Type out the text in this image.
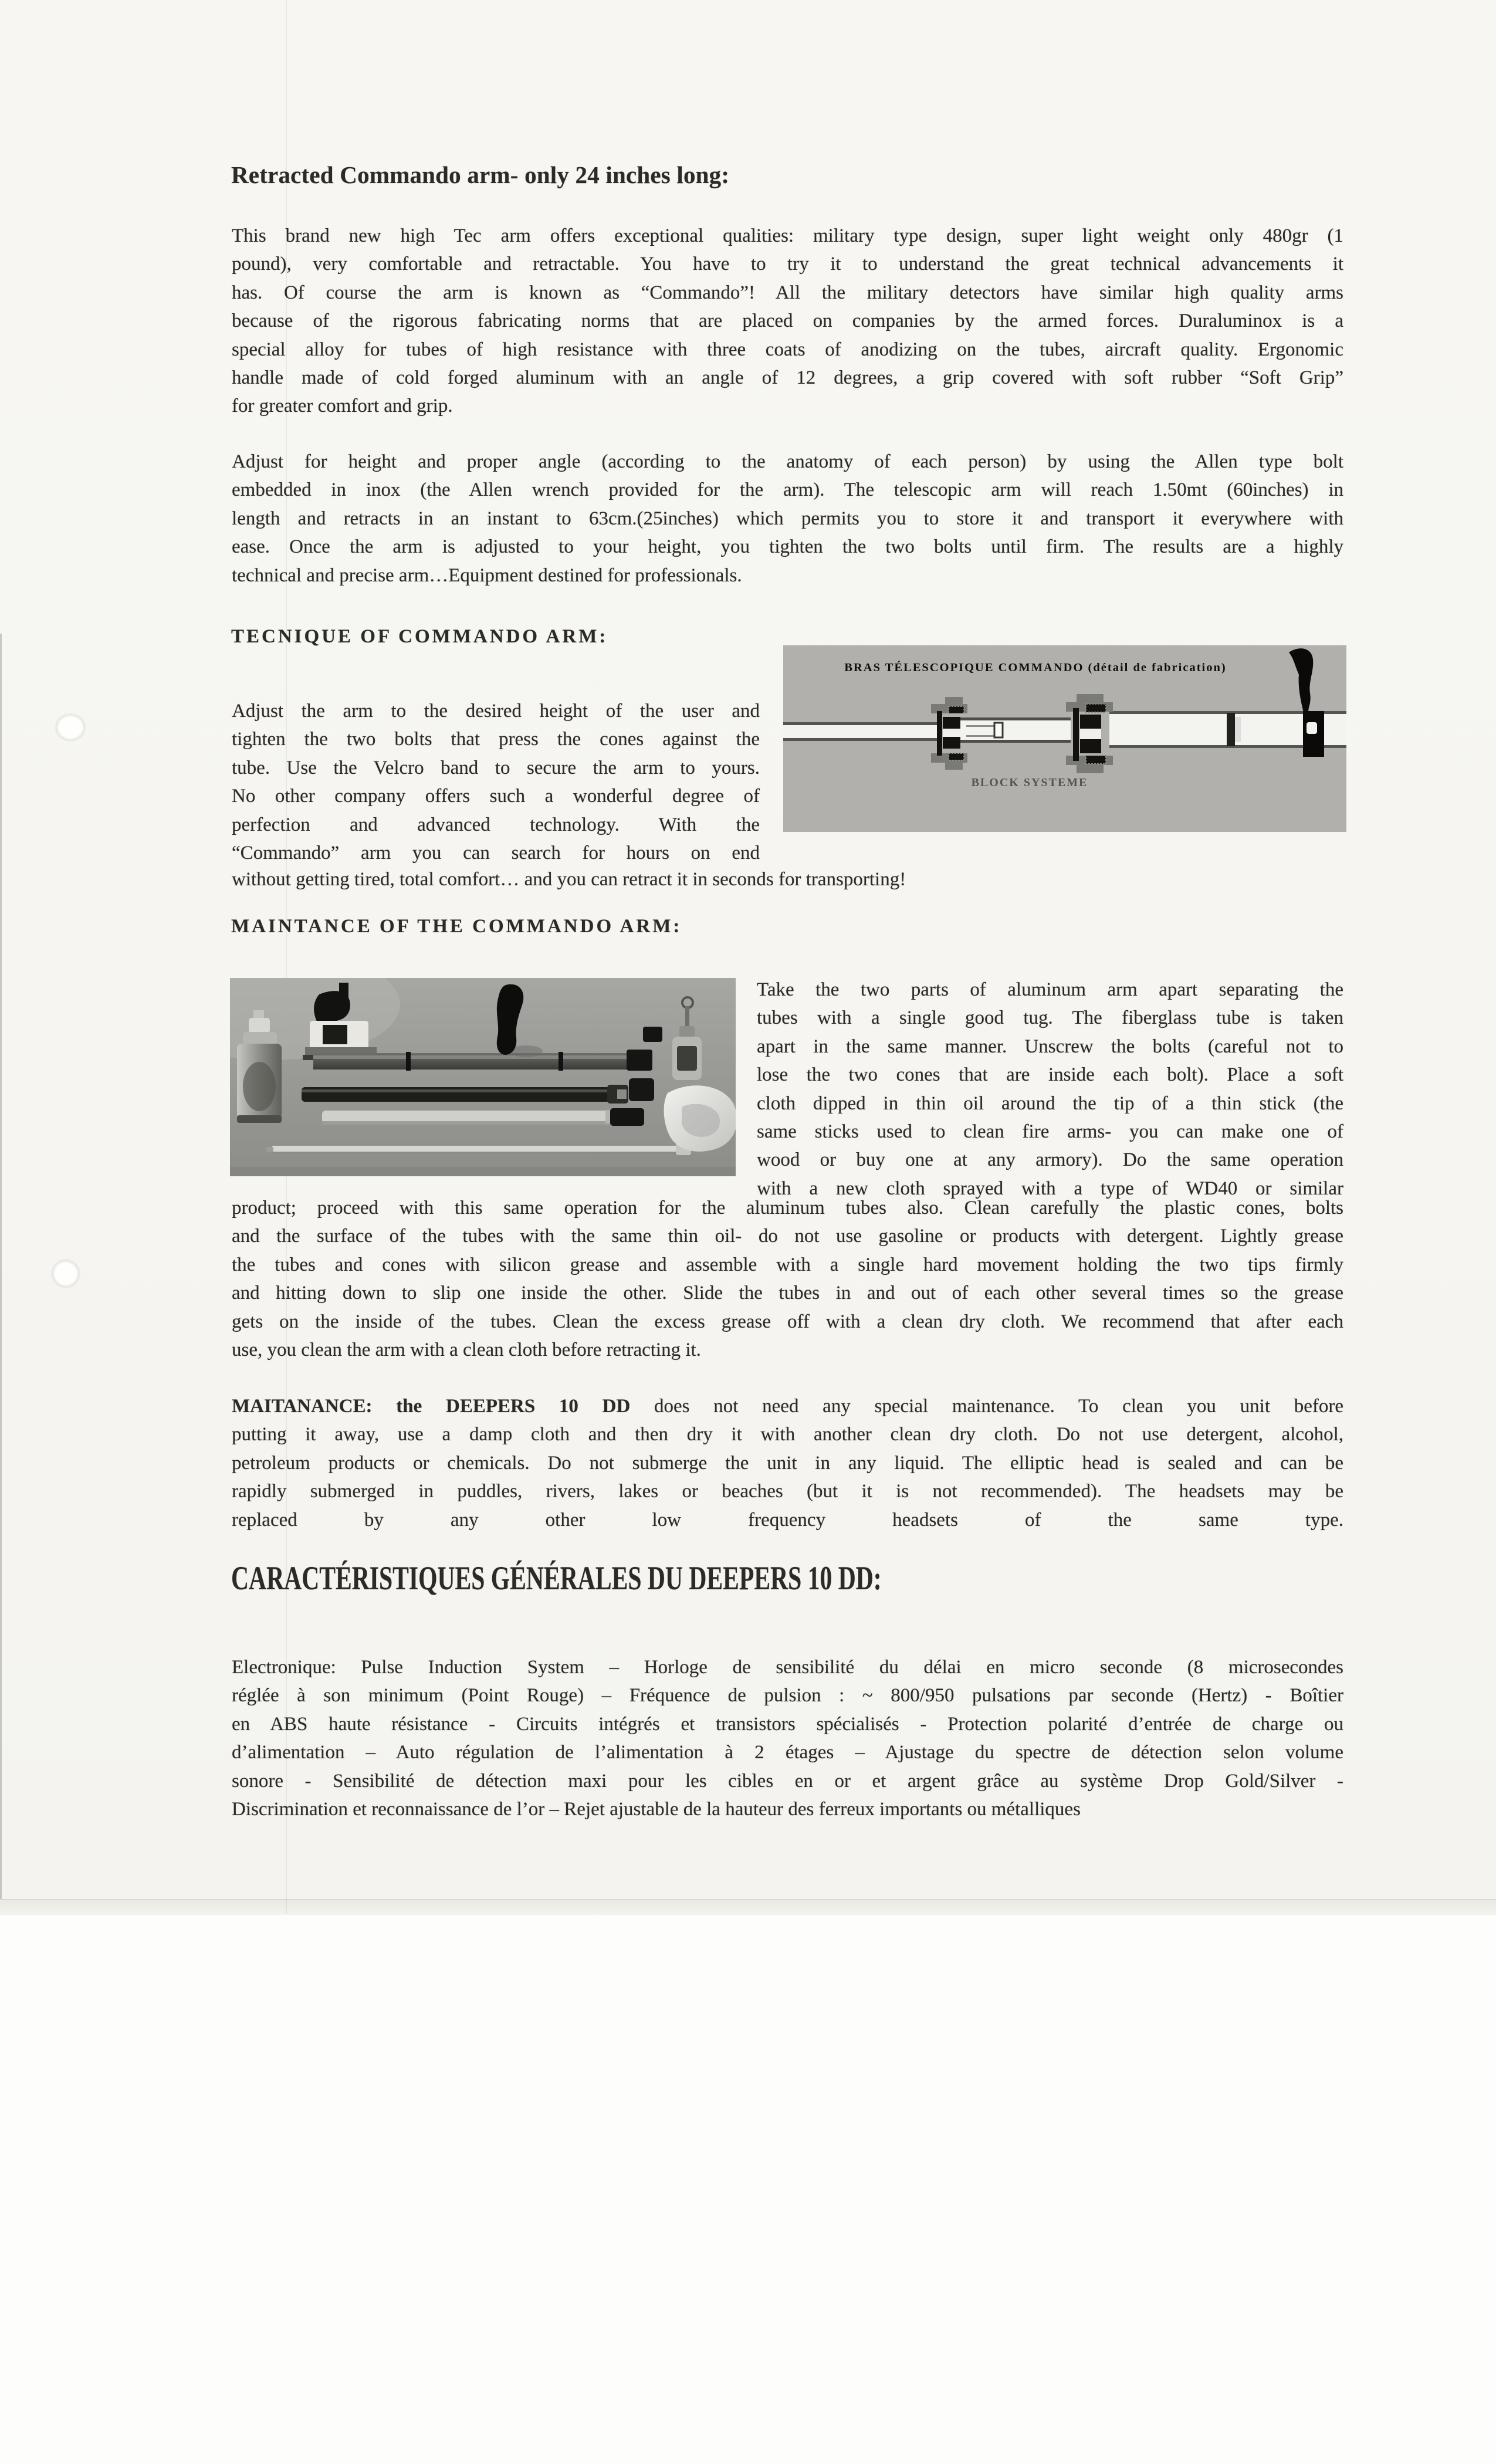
Retracted Commando arm- only 24 inches long:
This brand new high Tec arm offers exceptional qualities: military type design, super light weight only 480gr (1
pound), very comfortable and retractable. You have to try it to understand the great technical advancements it
has. Of course the arm is known as “Commando”! All the military detectors have similar high quality arms
because of the rigorous fabricating norms that are placed on companies by the armed forces. Duraluminox is a
special alloy for tubes of high resistance with three coats of anodizing on the tubes, aircraft quality. Ergonomic
handle made of cold forged aluminum with an angle of 12 degrees, a grip covered with soft rubber “Soft Grip”
for greater comfort and grip.
Adjust for height and proper angle (according to the anatomy of each person) by using the Allen type bolt
embedded in inox (the Allen wrench provided for the arm). The telescopic arm will reach 1.50mt (60inches) in
length and retracts in an instant to 63cm.(25inches) which permits you to store it and transport it everywhere with
ease. Once the arm is adjusted to your height, you tighten the two bolts until firm. The results are a highly
technical and precise arm…Equipment destined for professionals.
TECNIQUE OF COMMANDO ARM:
Adjust the arm to the desired height of the user and
tighten the two bolts that press the cones against the
tube. Use the Velcro band to secure the arm to yours.
No other company offers such a wonderful degree of
perfection and advanced technology. With the
“Commando” arm you can search for hours on end
BRAS TÉLESCOPIQUE COMMANDO (détail de fabrication)
BLOCK SYSTEME
without getting tired, total comfort… and you can retract it in seconds for transporting!
MAINTANCE OF THE COMMANDO ARM:
Take the two parts of aluminum arm apart separating the
tubes with a single good tug. The fiberglass tube is taken
apart in the same manner. Unscrew the bolts (careful not to
lose the two cones that are inside each bolt). Place a soft
cloth dipped in thin oil around the tip of a thin stick (the
same sticks used to clean fire arms- you can make one of
wood or buy one at any armory). Do the same operation
with a new cloth sprayed with a type of WD40 or similar
product; proceed with this same operation for the aluminum tubes also. Clean carefully the plastic cones, bolts
and the surface of the tubes with the same thin oil- do not use gasoline or products with detergent. Lightly grease
the tubes and cones with silicon grease and assemble with a single hard movement holding the two tips firmly
and hitting down to slip one inside the other. Slide the tubes in and out of each other several times so the grease
gets on the inside of the tubes. Clean the excess grease off with a clean dry cloth. We recommend that after each
use, you clean the arm with a clean cloth before retracting it.
MAITANANCE: the DEEPERS 10 DD does not need any special maintenance. To clean you unit before
putting it away, use a damp cloth and then dry it with another clean dry cloth. Do not use detergent, alcohol,
petroleum products or chemicals. Do not submerge the unit in any liquid. The elliptic head is sealed and can be
rapidly submerged in puddles, rivers, lakes or beaches (but it is not recommended). The headsets may be
replaced by any other low frequency headsets of the same type.
CARACTÉRISTIQUES GÉNÉRALES DU DEEPERS 10 DD:
Electronique: Pulse Induction System – Horloge de sensibilité du délai en micro seconde (8 microsecondes
réglée à son minimum (Point Rouge) – Fréquence de pulsion : ~ 800/950 pulsations par seconde (Hertz) - Boîtier
en ABS haute résistance - Circuits intégrés et transistors spécialisés - Protection polarité d’entrée de charge ou
d’alimentation – Auto régulation de l’alimentation à 2 étages – Ajustage du spectre de détection selon volume
sonore - Sensibilité de détection maxi pour les cibles en or et argent grâce au système Drop Gold/Silver -
Discrimination et reconnaissance de l’or – Rejet ajustable de la hauteur des ferreux importants ou métalliques
